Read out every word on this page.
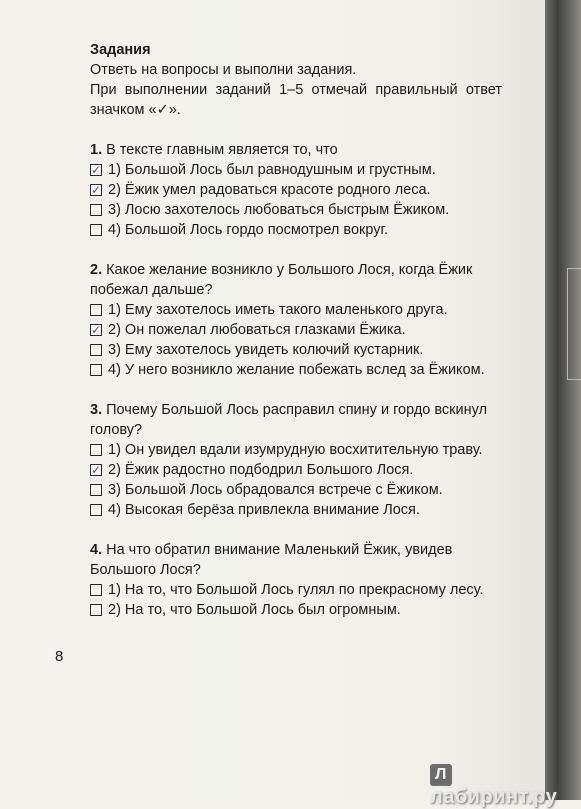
Задания

Ответь на вопросы и выполни задания.

При выполнении заданий 1–5 отмечай правильный ответ значком «✓».

1. В тексте главным является то, что

✓
1) Большой Лось был равнодушным и грустным.

✓
2) Ёжик умел радоваться красоте родного леса.

3) Лосю захотелось любоваться быстрым Ёжиком.

4) Большой Лось гордо посмотрел вокруг.

2. Какое желание возникло у Большого Лося, когда Ёжик побежал дальше?

1) Ему захотелось иметь такого маленького друга.

✓
2) Он пожелал любоваться глазками Ёжика.

3) Ему захотелось увидеть колючий кустарник.

4) У него возникло желание побежать вслед за Ёжиком.

3. Почему Большой Лось расправил спину и гордо вскинул голову?

1) Он увидел вдали изумрудную восхитительную траву.

✓
2) Ёжик радостно подбодрил Большого Лося.

3) Большой Лось обрадовался встрече с Ёжиком.

4) Высокая берёза привлекла внимание Лося.

4. На что обратил внимание Маленький Ёжик, увидев Большого Лося?

1) На то, что Большой Лось гулял по прекрасному лесу.

2) На то, что Большой Лось был огромным.

8
Ллабиринт.ру
